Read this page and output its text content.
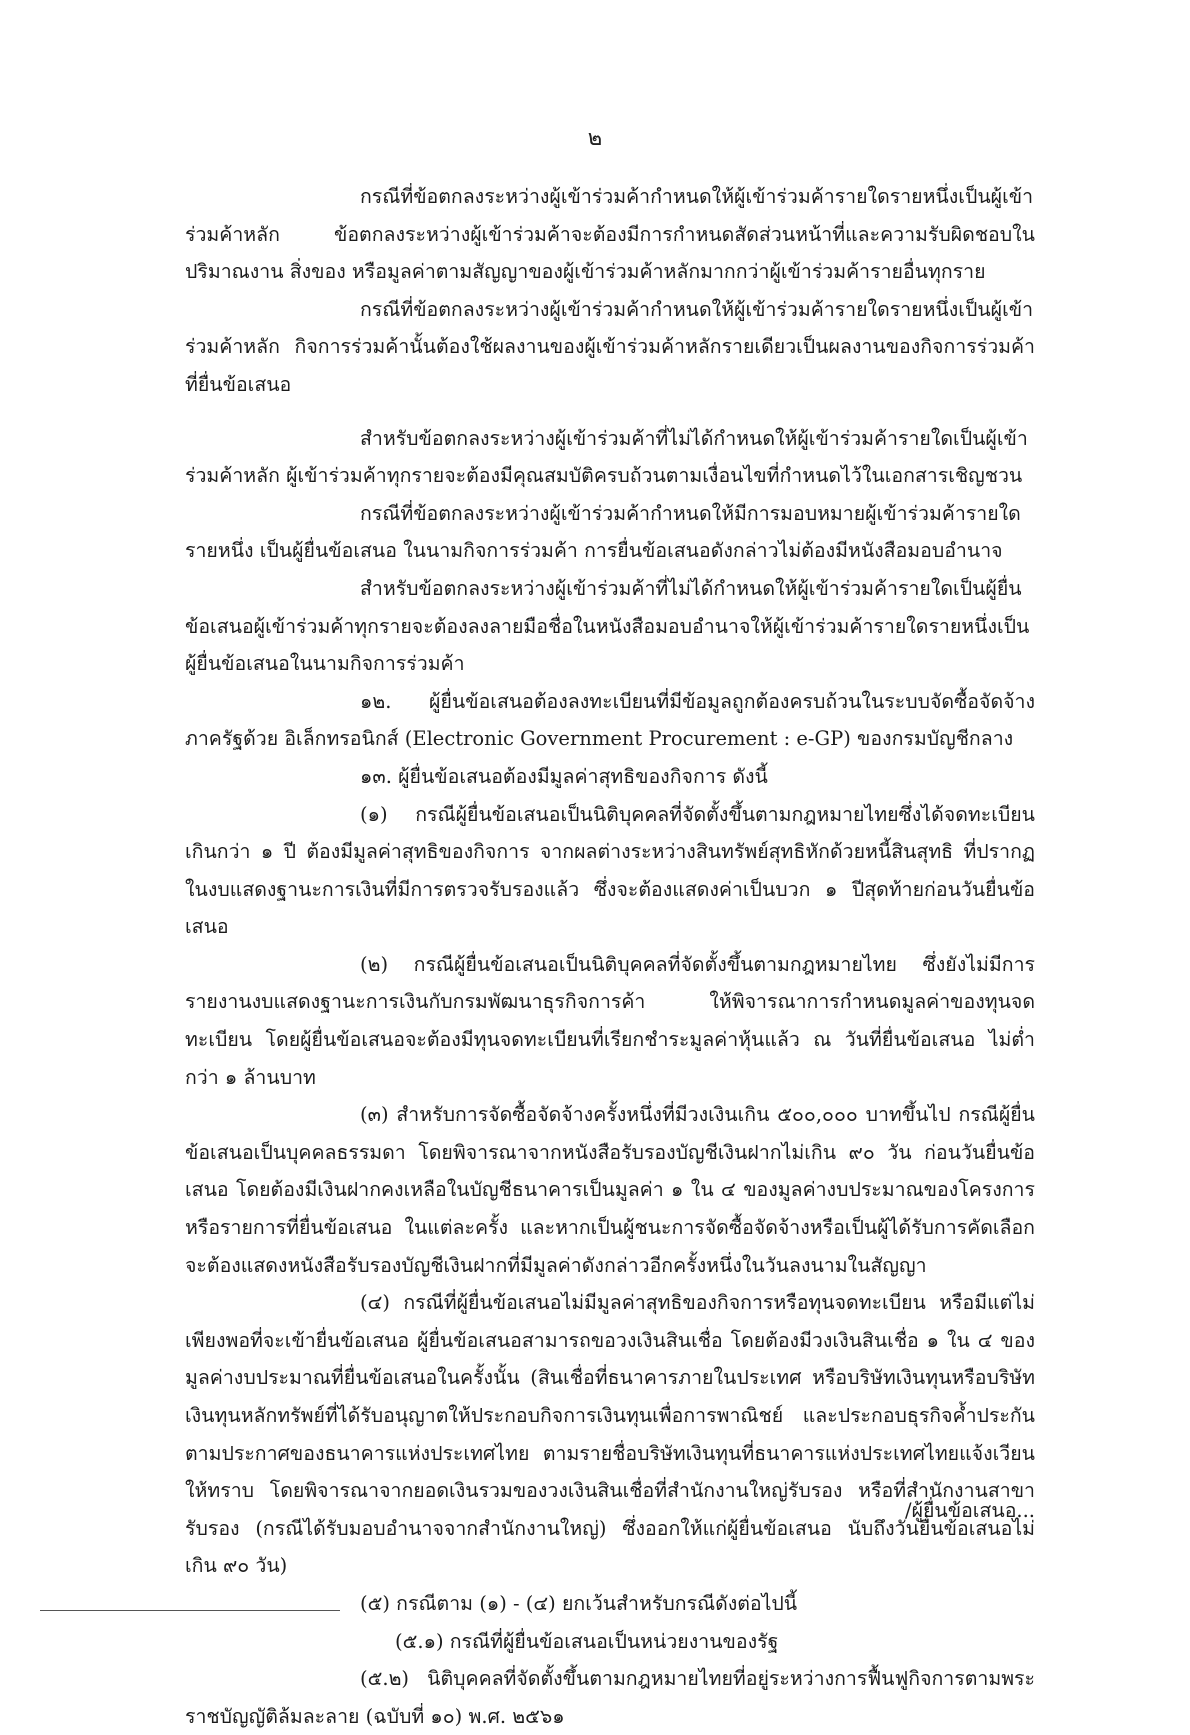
๒

กรณีที่ข้อตกลงระหว่างผู้เข้าร่วมค้ากำหนดให้ผู้เข้าร่วมค้ารายใดรายหนึ่งเป็นผู้เข้าร่วมค้าหลัก ข้อตกลงระหว่างผู้เข้าร่วมค้าจะต้องมีการกำหนดสัดส่วนหน้าที่และความรับผิดชอบในปริมาณงาน สิ่งของ หรือมูลค่าตามสัญญาของผู้เข้าร่วมค้าหลักมากกว่าผู้เข้าร่วมค้ารายอื่นทุกราย

กรณีที่ข้อตกลงระหว่างผู้เข้าร่วมค้ากำหนดให้ผู้เข้าร่วมค้ารายใดรายหนึ่งเป็นผู้เข้าร่วมค้าหลัก กิจการร่วมค้านั้นต้องใช้ผลงานของผู้เข้าร่วมค้าหลักรายเดียวเป็นผลงานของกิจการร่วมค้าที่ยื่นข้อเสนอ

สำหรับข้อตกลงระหว่างผู้เข้าร่วมค้าที่ไม่ได้กำหนดให้ผู้เข้าร่วมค้ารายใดเป็นผู้เข้าร่วมค้าหลัก ผู้เข้าร่วมค้าทุกรายจะต้องมีคุณสมบัติครบถ้วนตามเงื่อนไขที่กำหนดไว้ในเอกสารเชิญชวน

กรณีที่ข้อตกลงระหว่างผู้เข้าร่วมค้ากำหนดให้มีการมอบหมายผู้เข้าร่วมค้ารายใดรายหนึ่ง เป็นผู้ยื่นข้อเสนอ ในนามกิจการร่วมค้า การยื่นข้อเสนอดังกล่าวไม่ต้องมีหนังสือมอบอำนาจ

สำหรับข้อตกลงระหว่างผู้เข้าร่วมค้าที่ไม่ได้กำหนดให้ผู้เข้าร่วมค้ารายใดเป็นผู้ยื่นข้อเสนอผู้เข้าร่วมค้าทุกรายจะต้องลงลายมือชื่อในหนังสือมอบอำนาจให้ผู้เข้าร่วมค้ารายใดรายหนึ่งเป็นผู้ยื่นข้อเสนอในนามกิจการร่วมค้า

๑๒. ผู้ยื่นข้อเสนอต้องลงทะเบียนที่มีข้อมูลถูกต้องครบถ้วนในระบบจัดซื้อจัดจ้างภาครัฐด้วย อิเล็กทรอนิกส์ (Electronic Government Procurement : e-GP) ของกรมบัญชีกลาง

๑๓. ผู้ยื่นข้อเสนอต้องมีมูลค่าสุทธิของกิจการ ดังนี้

(๑) กรณีผู้ยื่นข้อเสนอเป็นนิติบุคคลที่จัดตั้งขึ้นตามกฎหมายไทยซึ่งได้จดทะเบียนเกินกว่า ๑ ปี ต้องมีมูลค่าสุทธิของกิจการ จากผลต่างระหว่างสินทรัพย์สุทธิหักด้วยหนี้สินสุทธิ ที่ปรากฏในงบแสดงฐานะการเงินที่มีการตรวจรับรองแล้ว ซึ่งจะต้องแสดงค่าเป็นบวก ๑ ปีสุดท้ายก่อนวันยื่นข้อเสนอ

(๒) กรณีผู้ยื่นข้อเสนอเป็นนิติบุคคลที่จัดตั้งขึ้นตามกฎหมายไทย ซึ่งยังไม่มีการรายงานงบแสดงฐานะการเงินกับกรมพัฒนาธุรกิจการค้า ให้พิจารณาการกำหนดมูลค่าของทุนจดทะเบียน โดยผู้ยื่นข้อเสนอจะต้องมีทุนจดทะเบียนที่เรียกชำระมูลค่าหุ้นแล้ว ณ วันที่ยื่นข้อเสนอ ไม่ต่ำกว่า ๑ ล้านบาท

(๓) สำหรับการจัดซื้อจัดจ้างครั้งหนึ่งที่มีวงเงินเกิน ๕๐๐,๐๐๐ บาทขึ้นไป กรณีผู้ยื่นข้อเสนอเป็นบุคคลธรรมดา โดยพิจารณาจากหนังสือรับรองบัญชีเงินฝากไม่เกิน ๙๐ วัน ก่อนวันยื่นข้อเสนอ โดยต้องมีเงินฝากคงเหลือในบัญชีธนาคารเป็นมูลค่า ๑ ใน ๔ ของมูลค่างบประมาณของโครงการหรือรายการที่ยื่นข้อเสนอ ในแต่ละครั้ง และหากเป็นผู้ชนะการจัดซื้อจัดจ้างหรือเป็นผู้ได้รับการคัดเลือกจะต้องแสดงหนังสือรับรองบัญชีเงินฝากที่มีมูลค่าดังกล่าวอีกครั้งหนึ่งในวันลงนามในสัญญา

(๔) กรณีที่ผู้ยื่นข้อเสนอไม่มีมูลค่าสุทธิของกิจการหรือทุนจดทะเบียน หรือมีแต่ไม่เพียงพอที่จะเข้ายื่นข้อเสนอ ผู้ยื่นข้อเสนอสามารถขอวงเงินสินเชื่อ โดยต้องมีวงเงินสินเชื่อ ๑ ใน ๔ ของมูลค่างบประมาณที่ยื่นข้อเสนอในครั้งนั้น (สินเชื่อที่ธนาคารภายในประเทศ หรือบริษัทเงินทุนหรือบริษัทเงินทุนหลักทรัพย์ที่ได้รับอนุญาตให้ประกอบกิจการเงินทุนเพื่อการพาณิชย์ และประกอบธุรกิจค้ำประกันตามประกาศของธนาคารแห่งประเทศไทย ตามรายชื่อบริษัทเงินทุนที่ธนาคารแห่งประเทศไทยแจ้งเวียนให้ทราบ โดยพิจารณาจากยอดเงินรวมของวงเงินสินเชื่อที่สำนักงานใหญ่รับรอง หรือที่สำนักงานสาขารับรอง (กรณีได้รับมอบอำนาจจากสำนักงานใหญ่) ซึ่งออกให้แก่ผู้ยื่นข้อเสนอ นับถึงวันยื่นข้อเสนอไม่เกิน ๙๐ วัน)

(๕) กรณีตาม (๑) - (๔) ยกเว้นสำหรับกรณีดังต่อไปนี้

(๕.๑) กรณีที่ผู้ยื่นข้อเสนอเป็นหน่วยงานของรัฐ

(๕.๒) นิติบุคคลที่จัดตั้งขึ้นตามกฎหมายไทยที่อยู่ระหว่างการฟื้นฟูกิจการตามพระราชบัญญัติล้มละลาย (ฉบับที่ ๑๐) พ.ศ. ๒๕๖๑

/ผู้ยื่นข้อเสนอ...
